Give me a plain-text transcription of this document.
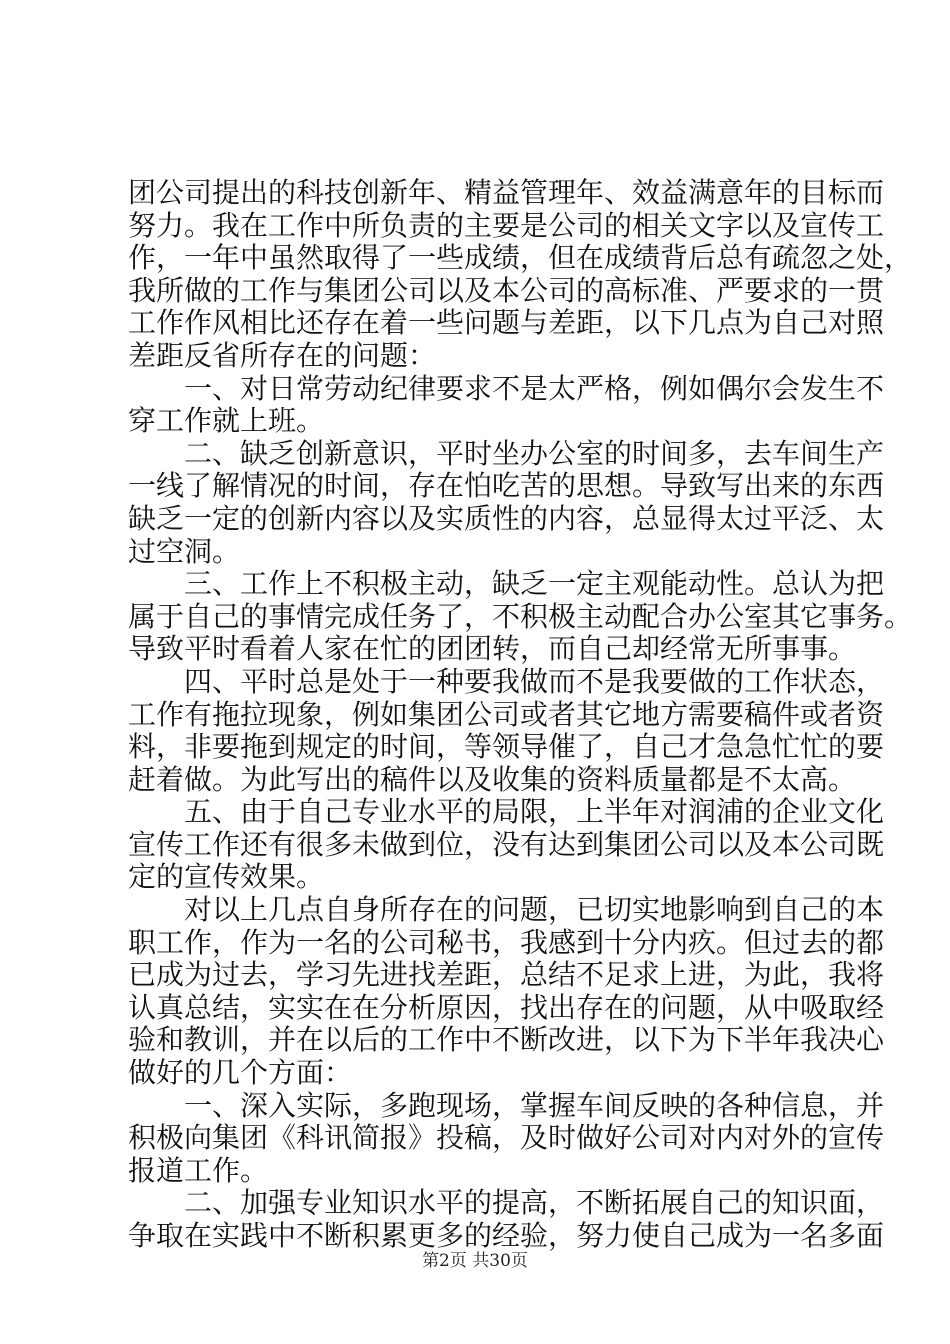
团公司提出的科技创新年、精益管理年、效益满意年的目标而
努力。我在工作中所负责的主要是公司的相关文字以及宣传工
作，一年中虽然取得了一些成绩，但在成绩背后总有疏忽之处，
我所做的工作与集团公司以及本公司的高标准、严要求的一贯
工作作风相比还存在着一些问题与差距，以下几点为自己对照
差距反省所存在的问题：
一、对日常劳动纪律要求不是太严格，例如偶尔会发生不
穿工作就上班。
二、缺乏创新意识，平时坐办公室的时间多，去车间生产
一线了解情况的时间，存在怕吃苦的思想。导致写出来的东西
缺乏一定的创新内容以及实质性的内容，总显得太过平泛、太
过空洞。
三、工作上不积极主动，缺乏一定主观能动性。总认为把
属于自己的事情完成任务了，不积极主动配合办公室其它事务。
导致平时看着人家在忙的团团转，而自己却经常无所事事。
四、平时总是处于一种要我做而不是我要做的工作状态，
工作有拖拉现象，例如集团公司或者其它地方需要稿件或者资
料，非要拖到规定的时间，等领导催了，自己才急急忙忙的要
赶着做。为此写出的稿件以及收集的资料质量都是不太高。
五、由于自己专业水平的局限，上半年对润浦的企业文化
宣传工作还有很多未做到位，没有达到集团公司以及本公司既
定的宣传效果。
对以上几点自身所存在的问题，已切实地影响到自己的本
职工作，作为一名的公司秘书，我感到十分内疚。但过去的都
已成为过去，学习先进找差距，总结不足求上进，为此，我将
认真总结，实实在在分析原因，找出存在的问题，从中吸取经
验和教训，并在以后的工作中不断改进，以下为下半年我决心
做好的几个方面：
一、深入实际，多跑现场，掌握车间反映的各种信息，并
积极向集团《科讯简报》投稿，及时做好公司对内对外的宣传
报道工作。
二、加强专业知识水平的提高，不断拓展自己的知识面，
争取在实践中不断积累更多的经验，努力使自己成为一名多面
第2页 共30页
